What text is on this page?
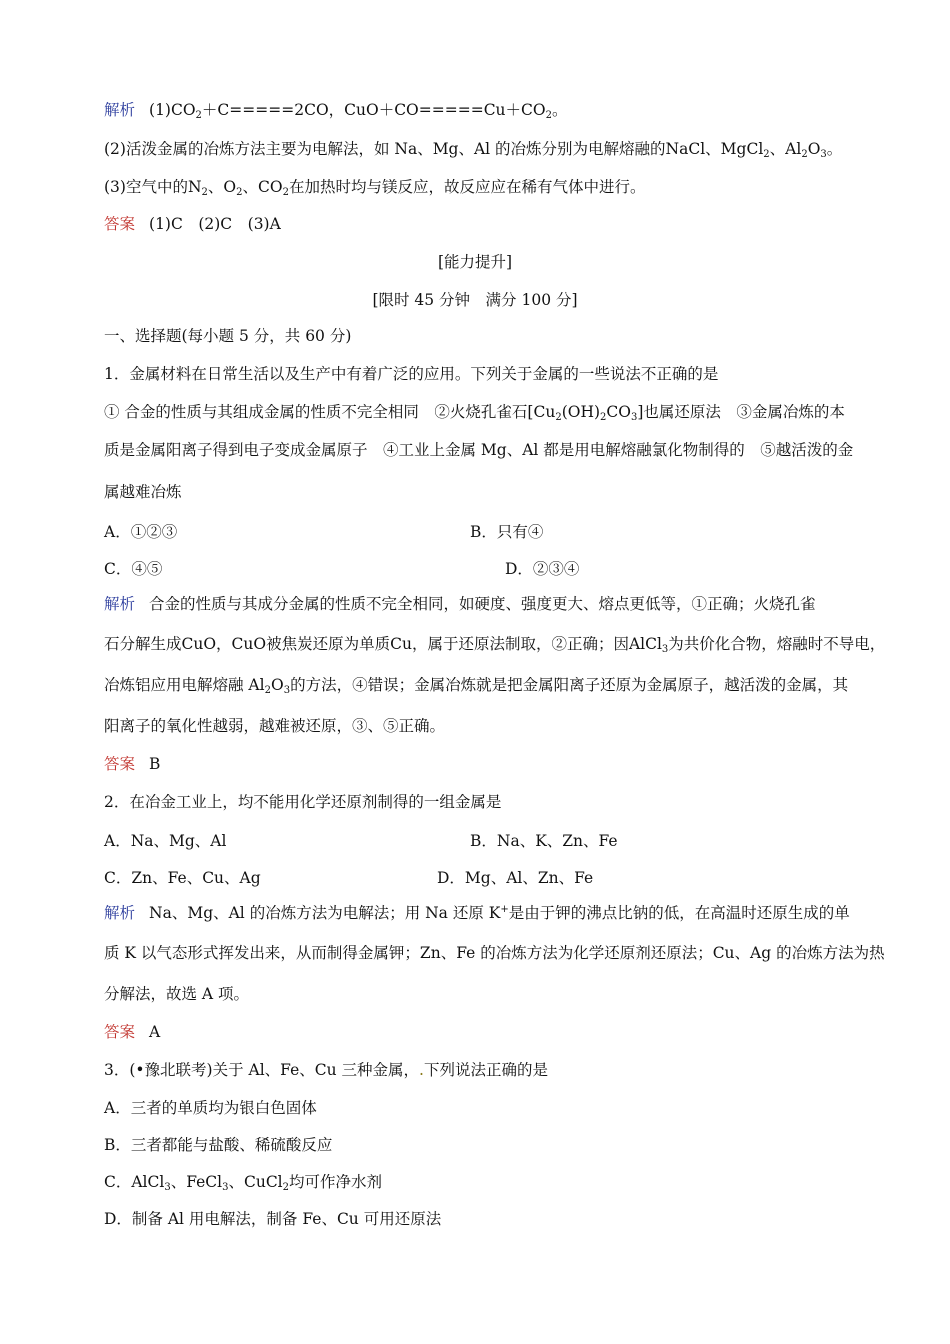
解析 $(1)CO_2+C=====2CO$，$CuO+CO=====Cu+CO_2$。
(2)活泼金属的冶炼方法主要为电解法，如 Na、Mg、Al 的冶炼分别为电解熔融的NaCl、MgCl$_2$、$Al_2O_3$。
(3)空气中的$N_2$、$O_2$、$CO_2$在加热时均与镁反应，故反应应在稀有气体中进行。
答案 (1)C　(2)C　(3)A
[能力提升]
[限时 45 分钟　满分 100 分]
一、选择题(每小题 5 分，共 60 分)
1．金属材料在日常生活以及生产中有着广泛的应用。下列关于金属的一些说法不正确的是
① 合金的性质与其组成金属的性质不完全相同　②火烧孔雀石$[Cu_2(OH)_2CO_3]$也属还原法　③金属冶炼的本
质是金属阳离子得到电子变成金属原子　④工业上金属 Mg、Al 都是用电解熔融氯化物制得的　⑤越活泼的金
属越难冶炼
A．①②③	B．只有④
C．④⑤	D．②③④
解析 合金的性质与其成分金属的性质不完全相同，如硬度、强度更大、熔点更低等，①正确；火烧孔雀
石分解生成CuO，CuO被焦炭还原为单质Cu，属于还原法制取，②正确；因AlCl$_3$为共价化合物，熔融时不导电，
冶炼铝应用电解熔融 $Al_2O_3$的方法，④错误；金属冶炼就是把金属阳离子还原为金属原子，越活泼的金属，其
阳离子的氧化性越弱，越难被还原，③、⑤正确。
答案 B
2．在冶金工业上，均不能用化学还原剂制得的一组金属是
A．Na、Mg、Al	B．Na、K、Zn、Fe
C．Zn、Fe、Cu、Ag	D．Mg、Al、Zn、Fe
解析 Na、Mg、Al 的冶炼方法为电解法；用 Na 还原 K+是由于钾的沸点比钠的低，在高温时还原生成的单
质 K 以气态形式挥发出来，从而制得金属钾；Zn、Fe 的冶炼方法为化学还原剂还原法；Cu、Ag 的冶炼方法为热
分解法，故选 A 项。
答案 A
3．(•豫北联考)关于 Al、Fe、Cu 三种金属，.下列说法正确的是
A．三者的单质均为银白色固体
B．三者都能与盐酸、稀硫酸反应
C．AlCl$_3$、FeCl$_3$、CuCl$_2$均可作净水剂
D．制备 Al 用电解法，制备 Fe、Cu 可用还原法
